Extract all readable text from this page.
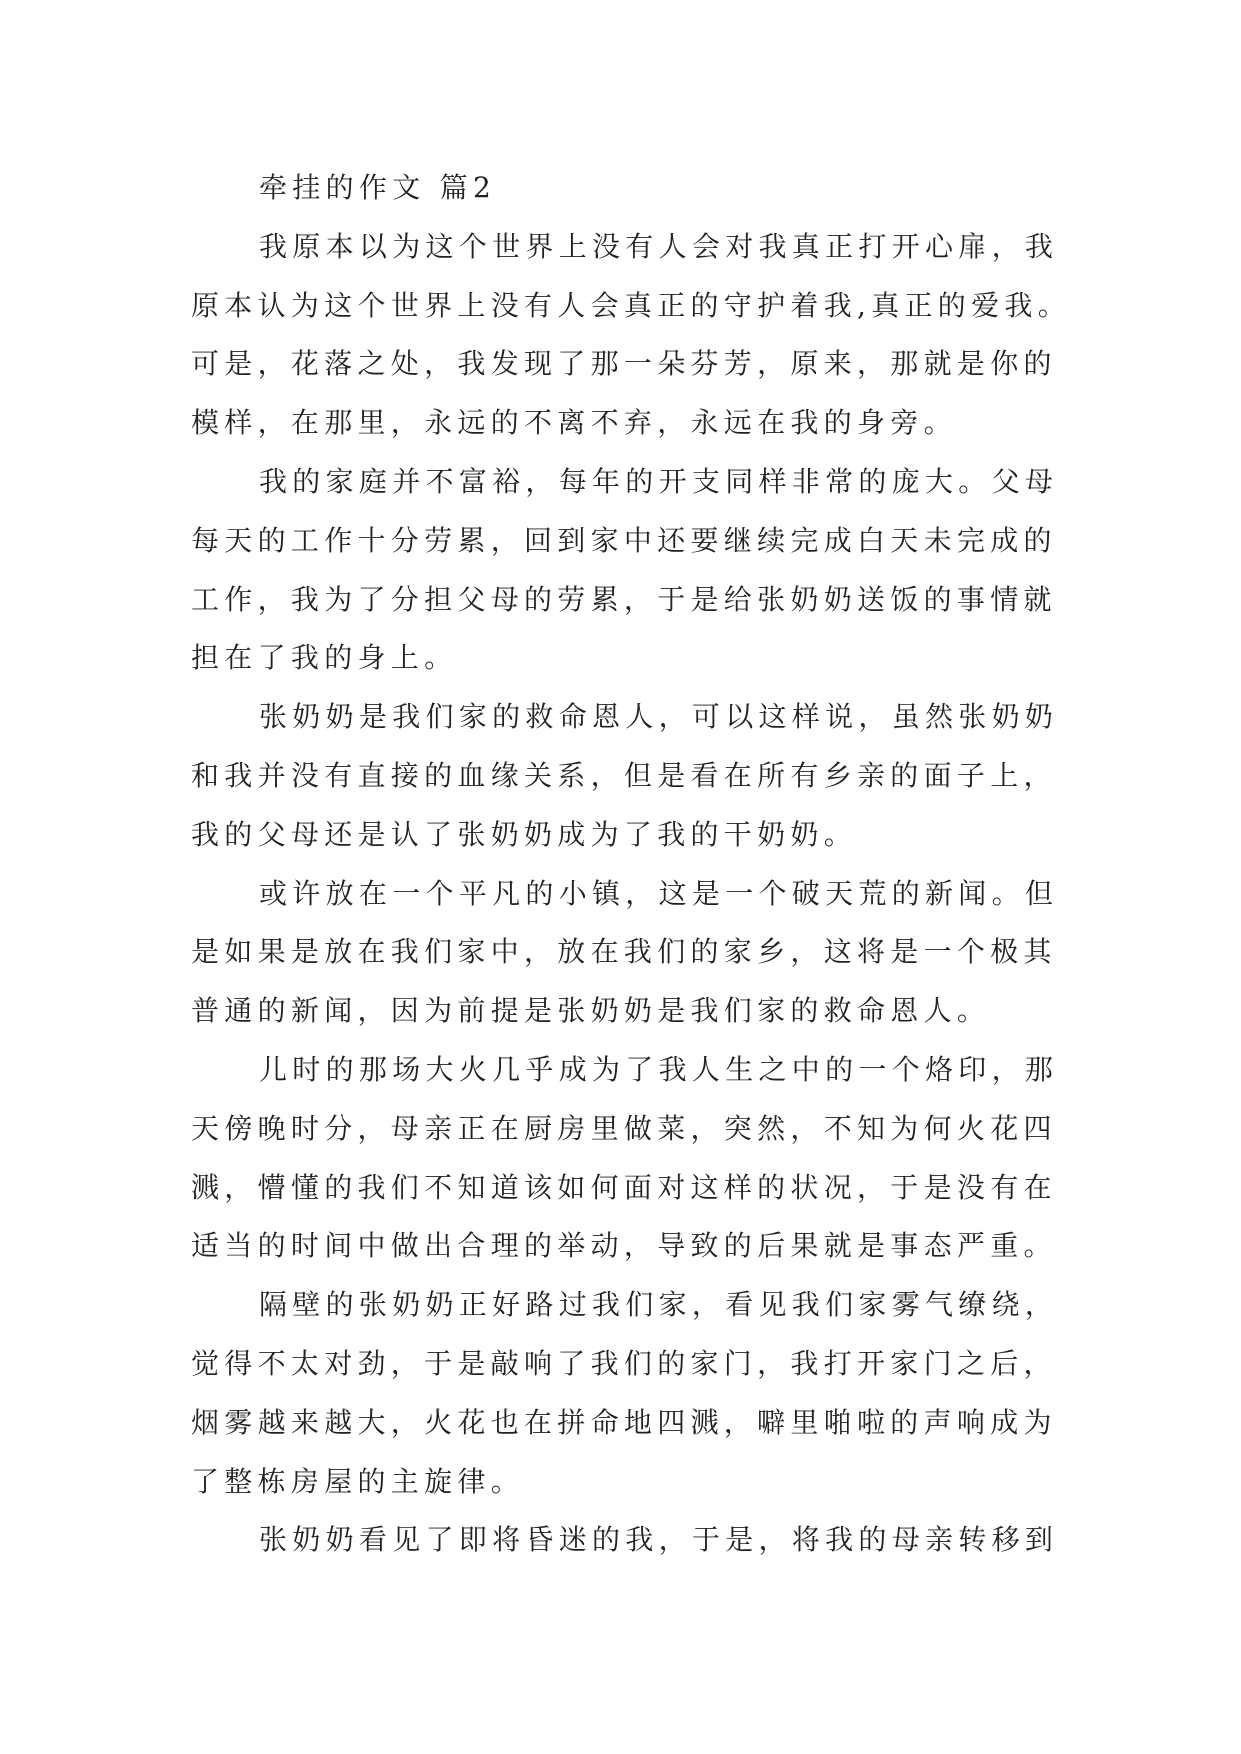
牵挂的作文 篇2
我原本以为这个世界上没有人会对我真正打开心扉，我
原本认为这个世界上没有人会真正的守护着我,真正的爱我。
可是，花落之处，我发现了那一朵芬芳，原来，那就是你的
模样，在那里，永远的不离不弃，永远在我的身旁。
我的家庭并不富裕，每年的开支同样非常的庞大。父母
每天的工作十分劳累，回到家中还要继续完成白天未完成的
工作，我为了分担父母的劳累，于是给张奶奶送饭的事情就
担在了我的身上。
张奶奶是我们家的救命恩人，可以这样说，虽然张奶奶
和我并没有直接的血缘关系，但是看在所有乡亲的面子上，
我的父母还是认了张奶奶成为了我的干奶奶。
或许放在一个平凡的小镇，这是一个破天荒的新闻。但
是如果是放在我们家中，放在我们的家乡，这将是一个极其
普通的新闻，因为前提是张奶奶是我们家的救命恩人。
儿时的那场大火几乎成为了我人生之中的一个烙印，那
天傍晚时分，母亲正在厨房里做菜，突然，不知为何火花四
溅，懵懂的我们不知道该如何面对这样的状况，于是没有在
适当的时间中做出合理的举动，导致的后果就是事态严重。
隔壁的张奶奶正好路过我们家，看见我们家雾气缭绕，
觉得不太对劲，于是敲响了我们的家门，我打开家门之后，
烟雾越来越大，火花也在拼命地四溅，噼里啪啦的声响成为
了整栋房屋的主旋律。
张奶奶看见了即将昏迷的我，于是，将我的母亲转移到
